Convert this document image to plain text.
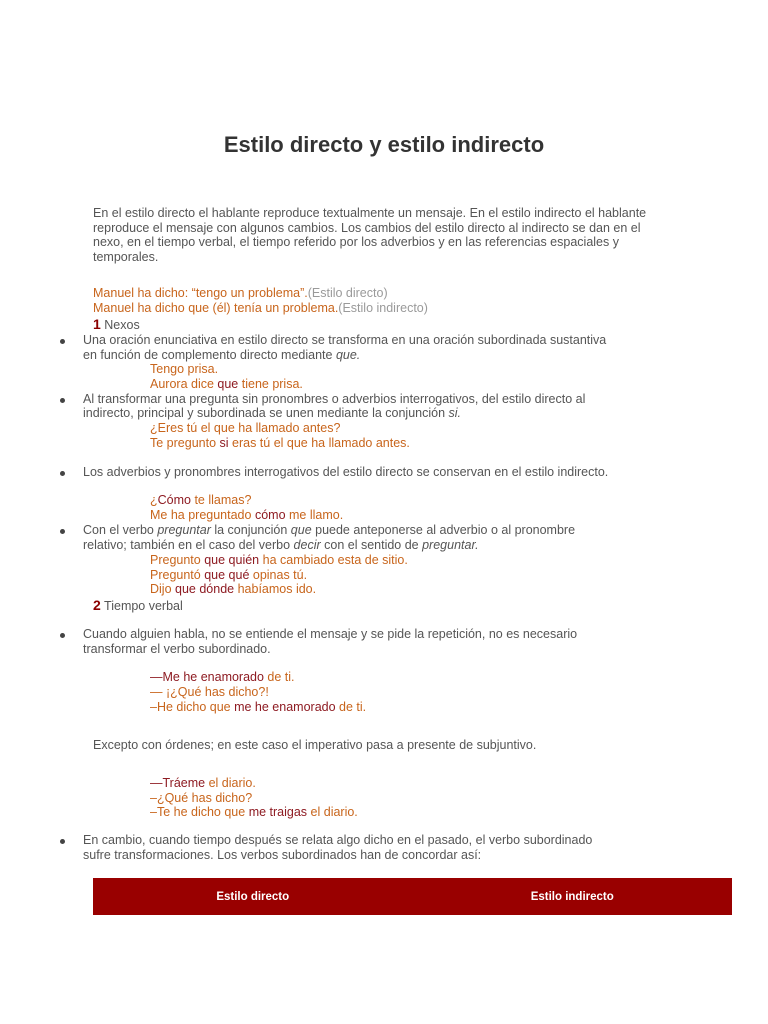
Estilo directo y estilo indirecto

En el estilo directo el hablante reproduce textualmente un mensaje. En el estilo indirecto el hablante reproduce el mensaje con algunos cambios. Los cambios del estilo directo al indirecto se dan en el nexo, en el tiempo verbal, el tiempo referido por los adverbios y en las referencias espaciales y temporales.

Manuel ha dicho: “tengo un problema”.(Estilo directo)
Manuel ha dicho que (él) tenía un problema.(Estilo indirecto)
1 Nexos
Una oración enunciativa en estilo directo se transforma en una oración subordinada sustantiva
en función de complemento directo mediante que.
Tengo prisa.
Aurora dice que tiene prisa.
Al transformar una pregunta sin pronombres o adverbios interrogativos, del estilo directo al
indirecto, principal y subordinada se unen mediante la conjunción si.
¿Eres tú el que ha llamado antes?
Te pregunto si eras tú el que ha llamado antes.
Los adverbios y pronombres interrogativos del estilo directo se conservan en el estilo indirecto.
¿Cómo te llamas?
Me ha preguntado cómo me llamo.
Con el verbo preguntar la conjunción que puede anteponerse al adverbio o al pronombre
relativo; también en el caso del verbo decir con el sentido de preguntar.
Pregunto que quién ha cambiado esta de sitio.
Preguntó que qué opinas tú.
Dijo que dónde habíamos ido.
2 Tiempo verbal
Cuando alguien habla, no se entiende el mensaje y se pide la repetición, no es necesario
transformar el verbo subordinado.
—Me he enamorado de ti.
— ¡¿Qué has dicho?!
–He dicho que me he enamorado de ti.
Excepto con órdenes; en este caso el imperativo pasa a presente de subjuntivo.
—Tráeme el diario.
–¿Qué has dicho?
–Te he dicho que me traigas el diario.
En cambio, cuando tiempo después se relata algo dicho en el pasado, el verbo subordinado
sufre transformaciones. Los verbos subordinados han de concordar así:
Estilo directo	Estilo indirecto
